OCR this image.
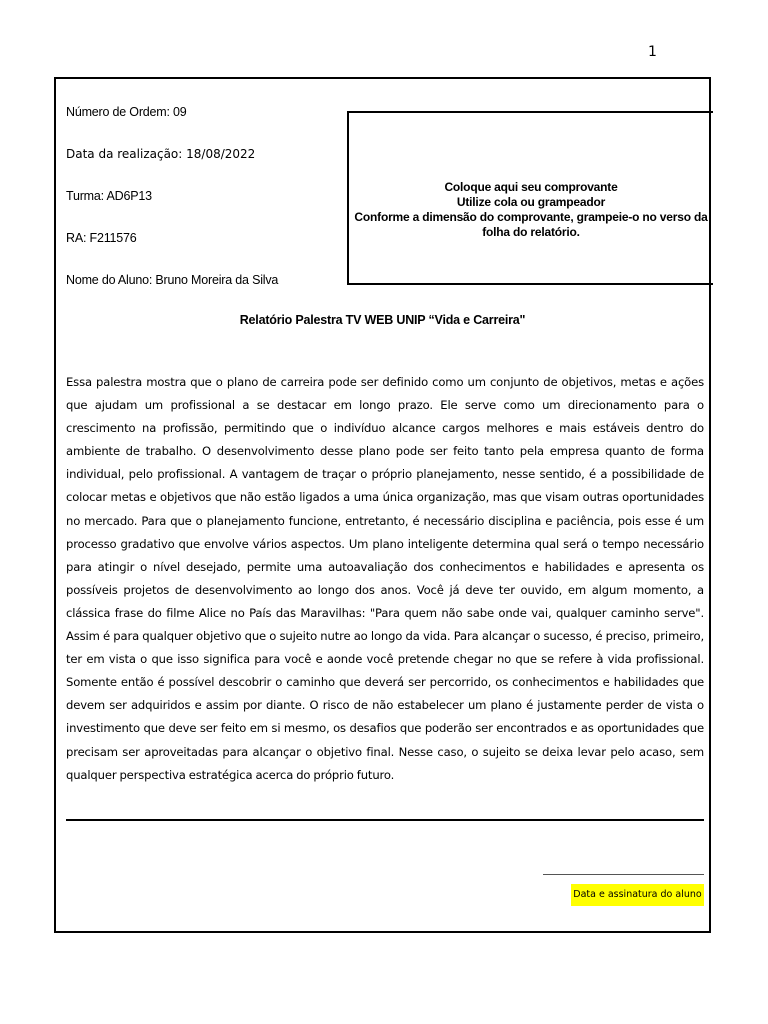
1
Número de Ordem: 09
Data da realização: 18/08/2022
Turma: AD6P13
RA: F211576
Nome do Aluno: Bruno Moreira da Silva
Coloque aqui seu comprovante
Utilize cola ou grampeador
Conforme a dimensão do comprovante, grampeie-o no verso da
folha do relatório.
Relatório Palestra TV WEB UNIP “Vida e Carreira"
Essa palestra mostra que o plano de carreira pode ser definido como um conjunto de objetivos, metas e ações que ajudam um profissional a se destacar em longo prazo. Ele serve como um direcionamento para o crescimento na profissão, permitindo que o indivíduo alcance cargos melhores e mais estáveis dentro do ambiente de trabalho. O desenvolvimento desse plano pode ser feito tanto pela empresa quanto de forma individual, pelo profissional. A vantagem de traçar o próprio planejamento, nesse sentido, é a possibilidade de colocar metas e objetivos que não estão ligados a uma única organização, mas que visam outras oportunidades no mercado. Para que o planejamento funcione, entretanto, é necessário disciplina e paciência, pois esse é um processo gradativo que envolve vários aspectos. Um plano inteligente determina qual será o tempo necessário para atingir o nível desejado, permite uma autoavaliação dos conhecimentos e habilidades e apresenta os possíveis projetos de desenvolvimento ao longo dos anos. Você já deve ter ouvido, em algum momento, a clássica frase do filme Alice no País das Maravilhas: "Para quem não sabe onde vai, qualquer caminho serve". Assim é para qualquer objetivo que o sujeito nutre ao longo da vida. Para alcançar o sucesso, é preciso, primeiro, ter em vista o que isso significa para você e aonde você pretende chegar no que se refere à vida profissional. Somente então é possível descobrir o caminho que deverá ser percorrido, os conhecimentos e habilidades que devem ser adquiridos e assim por diante. O risco de não estabelecer um plano é justamente perder de vista o investimento que deve ser feito em si mesmo, os desafios que poderão ser encontrados e as oportunidades que precisam ser aproveitadas para alcançar o objetivo final. Nesse caso, o sujeito se deixa levar pelo acaso, sem qualquer perspectiva estratégica acerca do próprio futuro.
Data e assinatura do aluno
